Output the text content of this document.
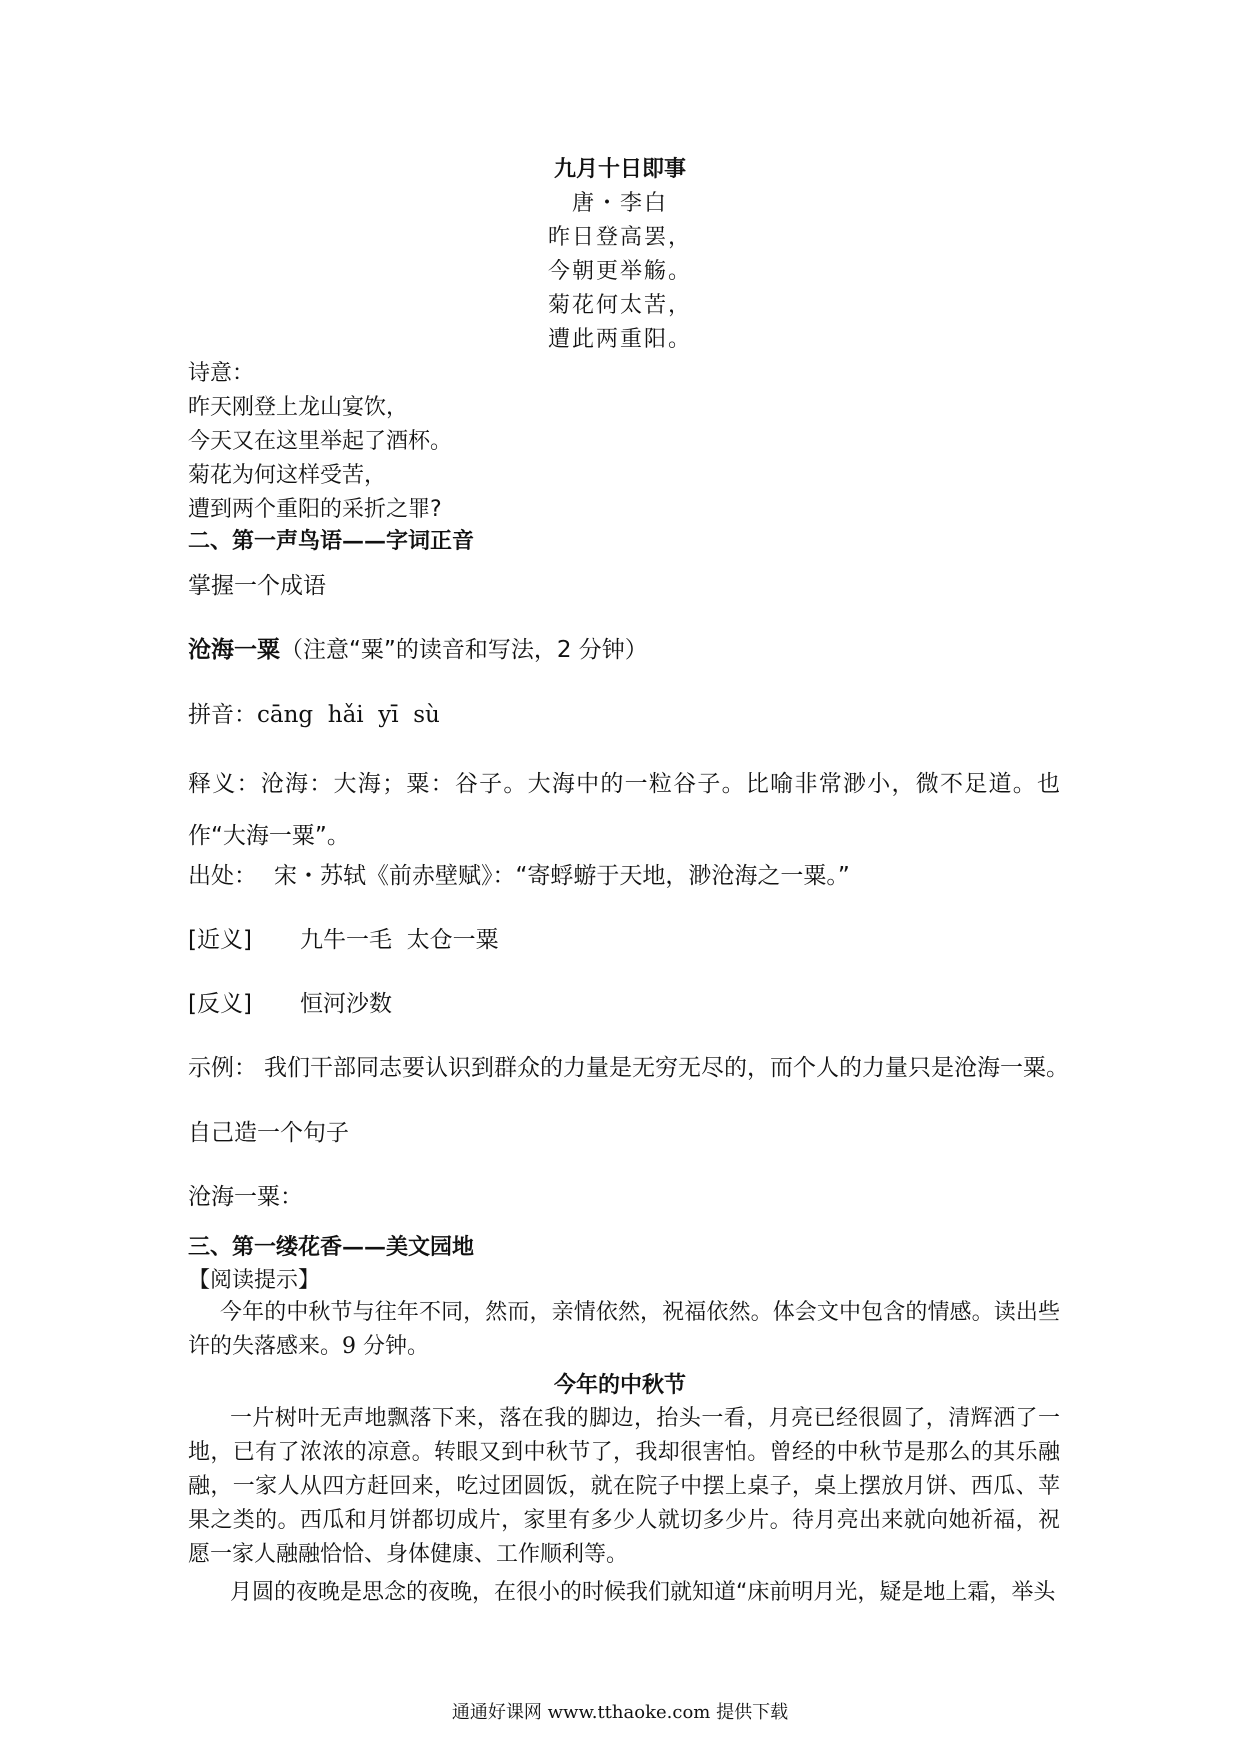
九月十日即事
唐・李白
昨日登高罢，
今朝更举觞。
菊花何太苦，
遭此两重阳。
诗意：
昨天刚登上龙山宴饮，
今天又在这里举起了酒杯。
菊花为何这样受苦，
遭到两个重阳的采折之罪?
二、第一声鸟语——字词正音
掌握一个成语
沧海一粟（注意“粟”的读音和写法，2 分钟）
拼音：cāng  hǎi  yī  sù
释义：沧海：大海；粟：谷子。大海中的一粒谷子。比喻非常渺小，微不足道。也作“大海一粟”。
出处： 宋・苏轼《前赤壁赋》：“寄蜉蝣于天地，渺沧海之一粟。”
[近义] 九牛一毛  太仓一粟
[反义] 恒河沙数
示例： 我们干部同志要认识到群众的力量是无穷无尽的，而个人的力量只是沧海一粟。
自己造一个句子
沧海一粟：
三、第一缕花香——美文园地
【阅读提示】
今年的中秋节与往年不同，然而，亲情依然，祝福依然。体会文中包含的情感。读出些许的失落感来。9 分钟。
今年的中秋节
一片树叶无声地飘落下来，落在我的脚边，抬头一看，月亮已经很圆了，清辉洒了一地，已有了浓浓的凉意。转眼又到中秋节了，我却很害怕。曾经的中秋节是那么的其乐融融，一家人从四方赶回来，吃过团圆饭，就在院子中摆上桌子，桌上摆放月饼、西瓜、苹果之类的。西瓜和月饼都切成片，家里有多少人就切多少片。待月亮出来就向她祈福，祝愿一家人融融恰恰、身体健康、工作顺利等。
月圆的夜晚是思念的夜晚，在很小的时候我们就知道“床前明月光，疑是地上霜，举头
通通好课网 www.tthaoke.com 提供下载
